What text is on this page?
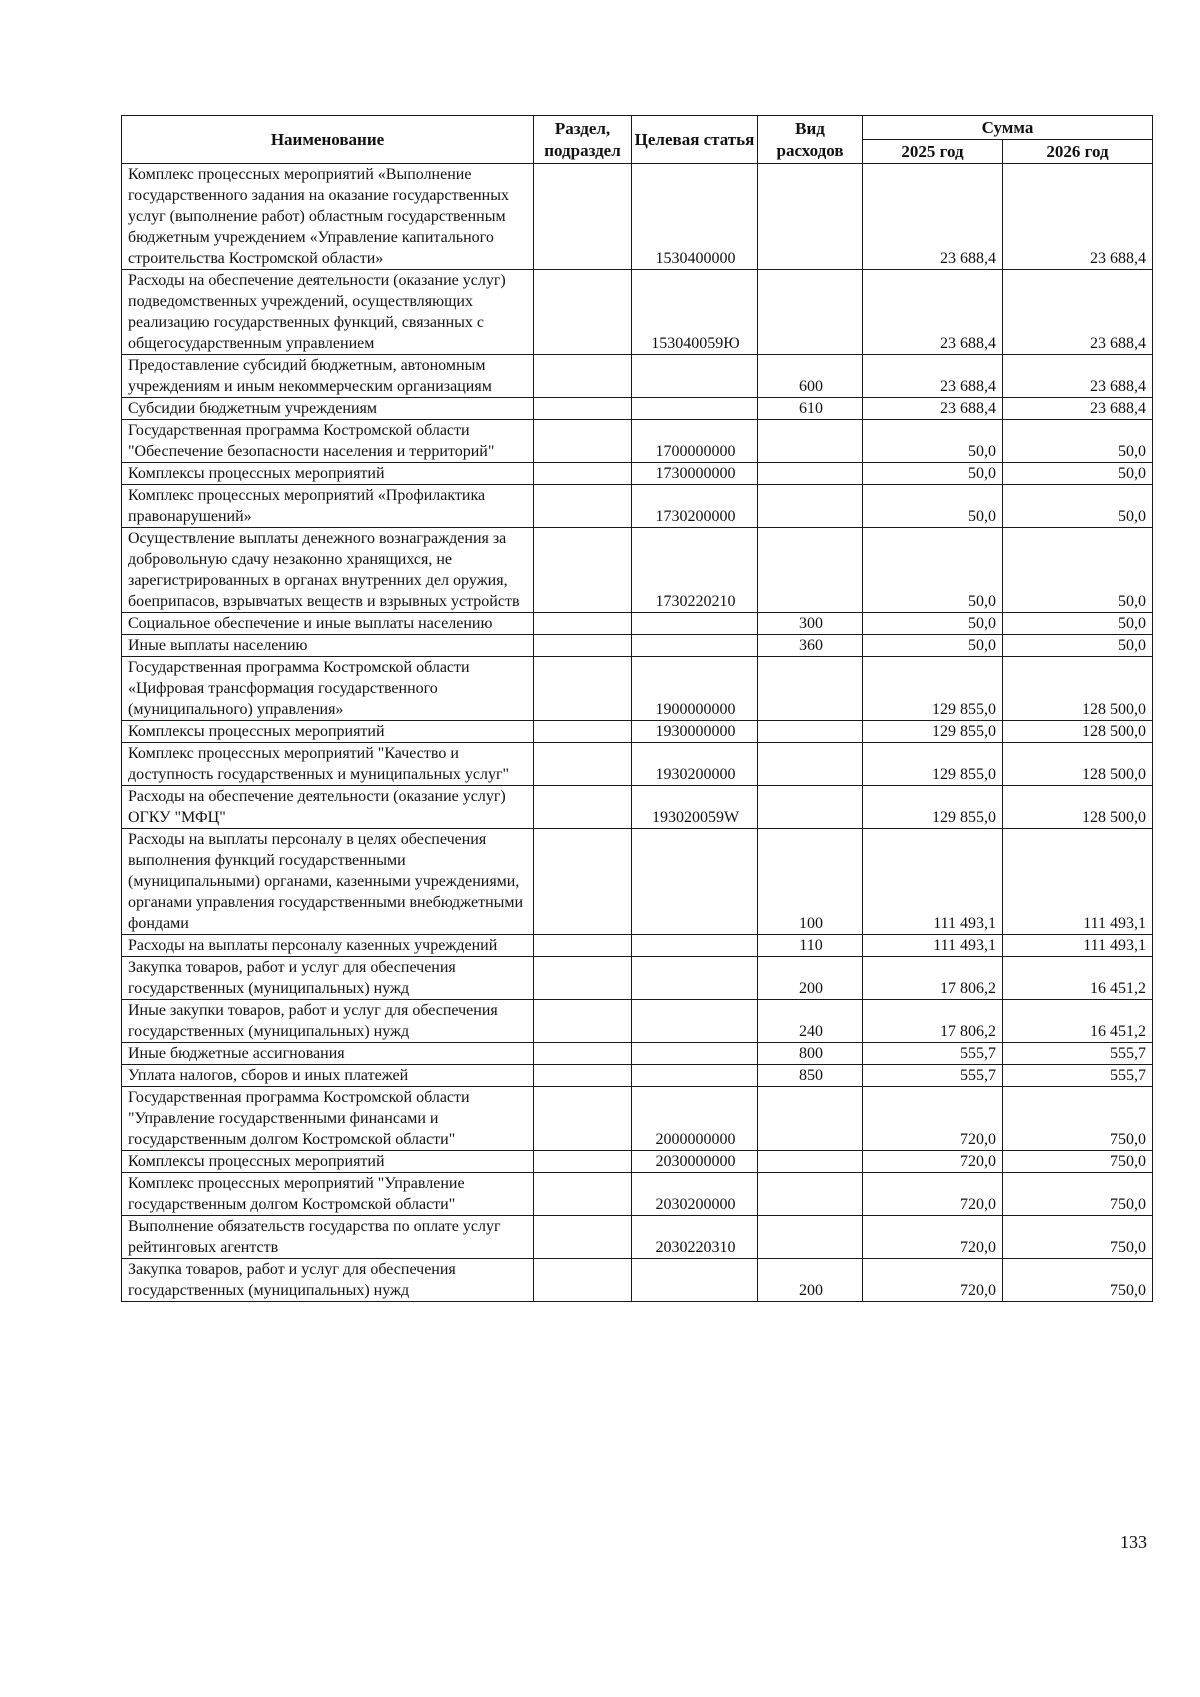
Наименование	Раздел, подраздел	Целевая статья	Вид расходов	Сумма	
				2025 год	2026 год
Комплекс процессных мероприятий «Выполнение государственного задания на оказание государственных услуг (выполнение работ) областным государственным бюджетным учреждением «Управление капитального строительства Костромской области»		1530400000		23 688,4	23 688,4
Расходы на обеспечение деятельности (оказание услуг) подведомственных учреждений, осуществляющих реализацию государственных функций, связанных с общегосударственным управлением		153040059Ю		23 688,4	23 688,4
Предоставление субсидий бюджетным, автономным учреждениям и иным некоммерческим организациям			600	23 688,4	23 688,4
Субсидии бюджетным учреждениям			610	23 688,4	23 688,4
Государственная программа Костромской области "Обеспечение безопасности населения и территорий"		1700000000		50,0	50,0
Комплексы процессных мероприятий		1730000000		50,0	50,0
Комплекс процессных мероприятий «Профилактика правонарушений»		1730200000		50,0	50,0
Осуществление выплаты денежного вознаграждения за добровольную сдачу незаконно хранящихся, не зарегистрированных в органах внутренних дел оружия, боеприпасов, взрывчатых веществ и взрывных устройств		1730220210		50,0	50,0
Социальное обеспечение и иные выплаты населению			300	50,0	50,0
Иные выплаты населению			360	50,0	50,0
Государственная программа Костромской области «Цифровая трансформация государственного (муниципального) управления»		1900000000		129 855,0	128 500,0
Комплексы процессных мероприятий		1930000000		129 855,0	128 500,0
Комплекс процессных мероприятий "Качество и доступность государственных и муниципальных услуг"		1930200000		129 855,0	128 500,0
Расходы на обеспечение деятельности (оказание услуг) ОГКУ "МФЦ"		193020059W		129 855,0	128 500,0
Расходы на выплаты персоналу в целях обеспечения выполнения функций государственными (муниципальными) органами, казенными учреждениями, органами управления государственными внебюджетными фондами			100	111 493,1	111 493,1
Расходы на выплаты персоналу казенных учреждений			110	111 493,1	111 493,1
Закупка товаров, работ и услуг для обеспечения государственных (муниципальных) нужд			200	17 806,2	16 451,2
Иные закупки товаров, работ и услуг для обеспечения государственных (муниципальных) нужд			240	17 806,2	16 451,2
Иные бюджетные ассигнования			800	555,7	555,7
Уплата налогов, сборов и иных платежей			850	555,7	555,7
Государственная программа Костромской области "Управление государственными финансами и государственным долгом Костромской области"		2000000000		720,0	750,0
Комплексы процессных мероприятий		2030000000		720,0	750,0
Комплекс процессных мероприятий "Управление государственным долгом Костромской области"		2030200000		720,0	750,0
Выполнение обязательств государства по оплате услуг рейтинговых агентств		2030220310		720,0	750,0
Закупка товаров, работ и услуг для обеспечения государственных (муниципальных) нужд			200	720,0	750,0
133
